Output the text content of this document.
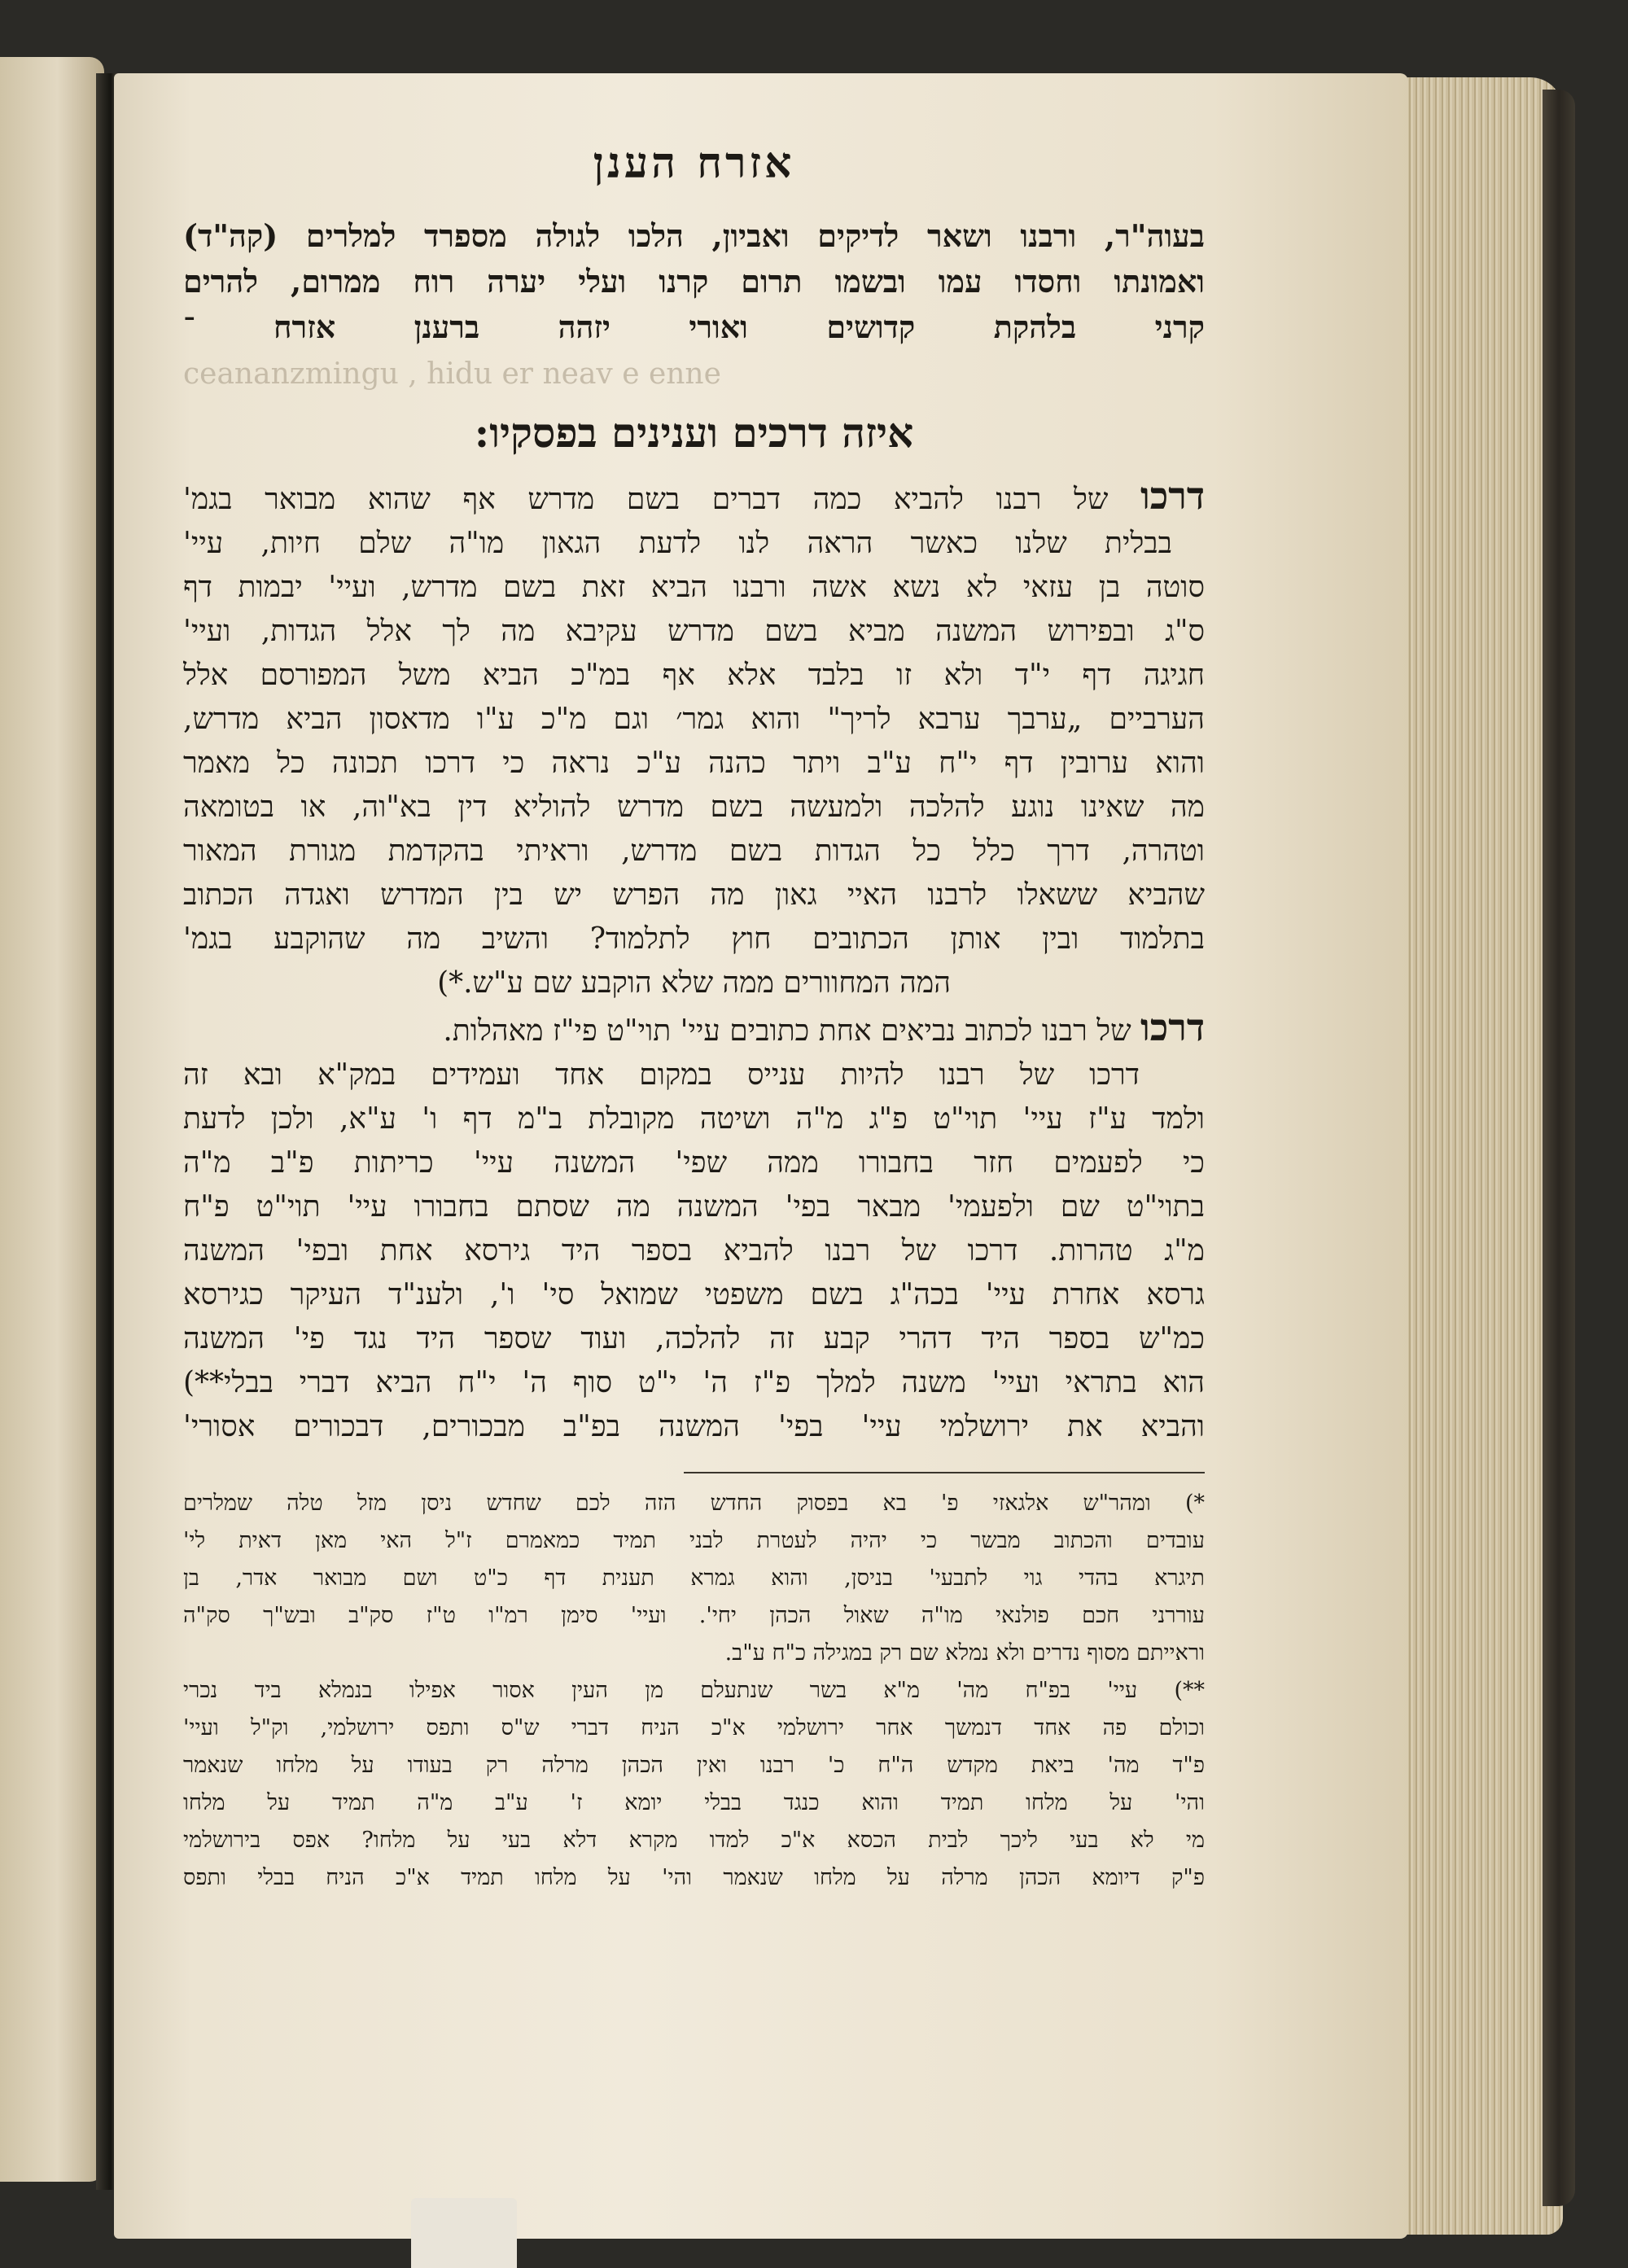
אזרח הענן
בעוה"ר, ורבנו ושאר לדיקים ואביון, הלכו לגולה מספרד למלרים (קה"ד)
ואמונתו וחסדו עמו ובשמו תרום קרנו ועלי יערה רוח ממרום, להרים
קרני בלהקת קדושים ואורי יזהה ברענן אזרח ־
ceananzmingu , hidu er neav e enne
איזה דרכים וענינים בפסקיו:
דרכו של רבנו להביא כמה דברים בשם מדרש אף שהוא מבואר בגמ'
בבלית שלנו כאשר הראה לנו לדעת הגאון מו"ה שלם חיות, עיי'
סוטה בן עזאי לא נשא אשה ורבנו הביא זאת בשם מדרש, ועיי' יבמות דף
ס"ג ובפירוש המשנה מביא בשם מדרש עקיבא מה לך אלל הגדות, ועיי'
חגיגה דף י"ד ולא זו בלבד אלא אף במ"כ הביא משל המפורסם אלל
הערביים „ערבך ערבא לריך" והוא גמר׳ וגם מ"כ ע"ו מדאסון הביא מדרש,
והוא ערובין דף י"ח ע"ב ויתר כהנה ע"כ נראה כי דרכו תכונה כל מאמר
מה שאינו נוגע להלכה ולמעשה בשם מדרש להוליא דין בא"וה, או בטומאה
וטהרה, דרך כלל כל הגדות בשם מדרש, וראיתי בהקדמת מגורת המאור
שהביא ששאלו לרבנו האיי גאון מה הפרש יש בין המדרש ואגדה הכתוב
בתלמוד ובין אותן הכתובים חוץ לתלמוד? והשיב מה שהוקבע בגמ'
המה המחוורים ממה שלא הוקבע שם ע"ש.*)
דרכו של רבנו לכתוב נביאים אחת כתובים עיי' תוי"ט פי"ז מאהלות.
דרכו של רבנו להיות ענייס במקום אחד ועמידים במק"א ובא זה
ולמד ע"ז עיי' תוי"ט פ"ג מ"ה ושיטה מקובלת ב"מ דף ו' ע"א, ולכן לדעת
כי לפעמים חזר בחבורו ממה שפי' המשנה עיי' כריתות פ"ב מ"ה
בתוי"ט שם ולפעמי' מבאר בפי' המשנה מה שסתם בחבורו עיי' תוי"ט פ"ח
מ"ג טהרות. דרכו של רבנו להביא בספר היד גירסא אחת ובפי' המשנה
גרסא אחרת עיי' בכה"ג בשם משפטי שמואל סי' ו', ולענ"ד העיקר כגירסא
כמ"ש בספר היד דהרי קבע זה להלכה, ועוד שספר היד נגד פי' המשנה
הוא בתראי ועיי' משנה למלך פ"ז ה' י"ט סוף ה' י"ח הביא דברי בבלי**)
והביא את ירושלמי עיי' בפי' המשנה בפ"ב מבכורים, דבכורים אסורי'
*) ומהר"ש אלגאזי פ' בא בפסוק החדש הזה לכם שחדש ניסן מזל טלה שמלרים
עובדים והכתוב מבשר כי יהיה לעטרת לבני תמיד כמאמרם ז"ל האי מאן דאית לי'
תיגרא בהדי גוי לתבעי' בניסן, והוא גמרא תענית דף כ"ט ושם מבואר אדר, בן
עוררני חכם פולנאי מו"ה שאול הכהן יחי'. ועיי' סימן רמ"ו ט"ז סק"ב ובש"ך סק"ה
וראייתם מסוף נדרים ולא נמלא שם רק במגילה כ"ח ע"ב.
**) עיי' בפ"ח מה' מ"א בשר שנתעלם מן העין אסור אפילו בנמלא ביד נכרי
וכולם פה אחד דנמשך אחר ירושלמי א"כ הניח דברי ש"ס ותפס ירושלמי, וק"ל ועיי'
פ"ד מה' ביאת מקדש ה"ח כ' רבנו ואין הכהן מרלה רק בעודו על מלחו שנאמר
והי' על מלחו תמיד והוא כנגד בבלי יומא ז' ע"ב מ"ה תמיד על מלחו
מי לא בעי ליכך לבית הכסא א"כ למדו מקרא דלא בעי על מלחו? אפס בירושלמי
פ"ק דיומא הכהן מרלה על מלחו שנאמר והי' על מלחו תמיד א"כ הניח בבלי ותפס
